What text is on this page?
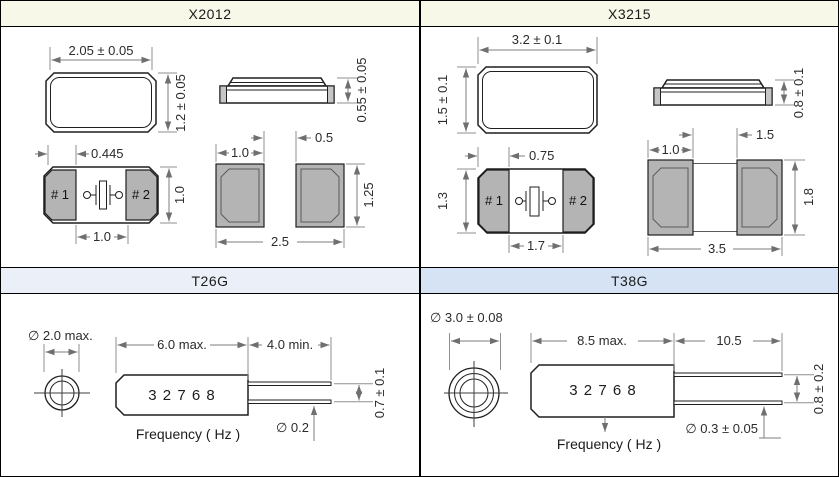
X2012	X3215
T26G	T38G
2.05 ± 0.05
1.2 ± 0.05	0.55 ± 0.05
# 1	# 2
0.445
1.0
1.0
1.0
0.5
1.25
2.5
3.2 ± 0.1
1.5 ± 0.1	0.8 ± 0.1
# 1	# 2
0.75
1.3
1.7
1.0
1.5
1.8
3.5
∅ 2.0 max.
3 2 7 6 8
6.0 max.	4.0 min.
0.7 ± 0.1
∅ 0.2
Frequency ( Hz )
∅ 3.0 ± 0.08
3 2 7 6 8
8.5 max.	10.5
0.8 ± 0.2
Frequency ( Hz )
∅ 0.3 ± 0.05
